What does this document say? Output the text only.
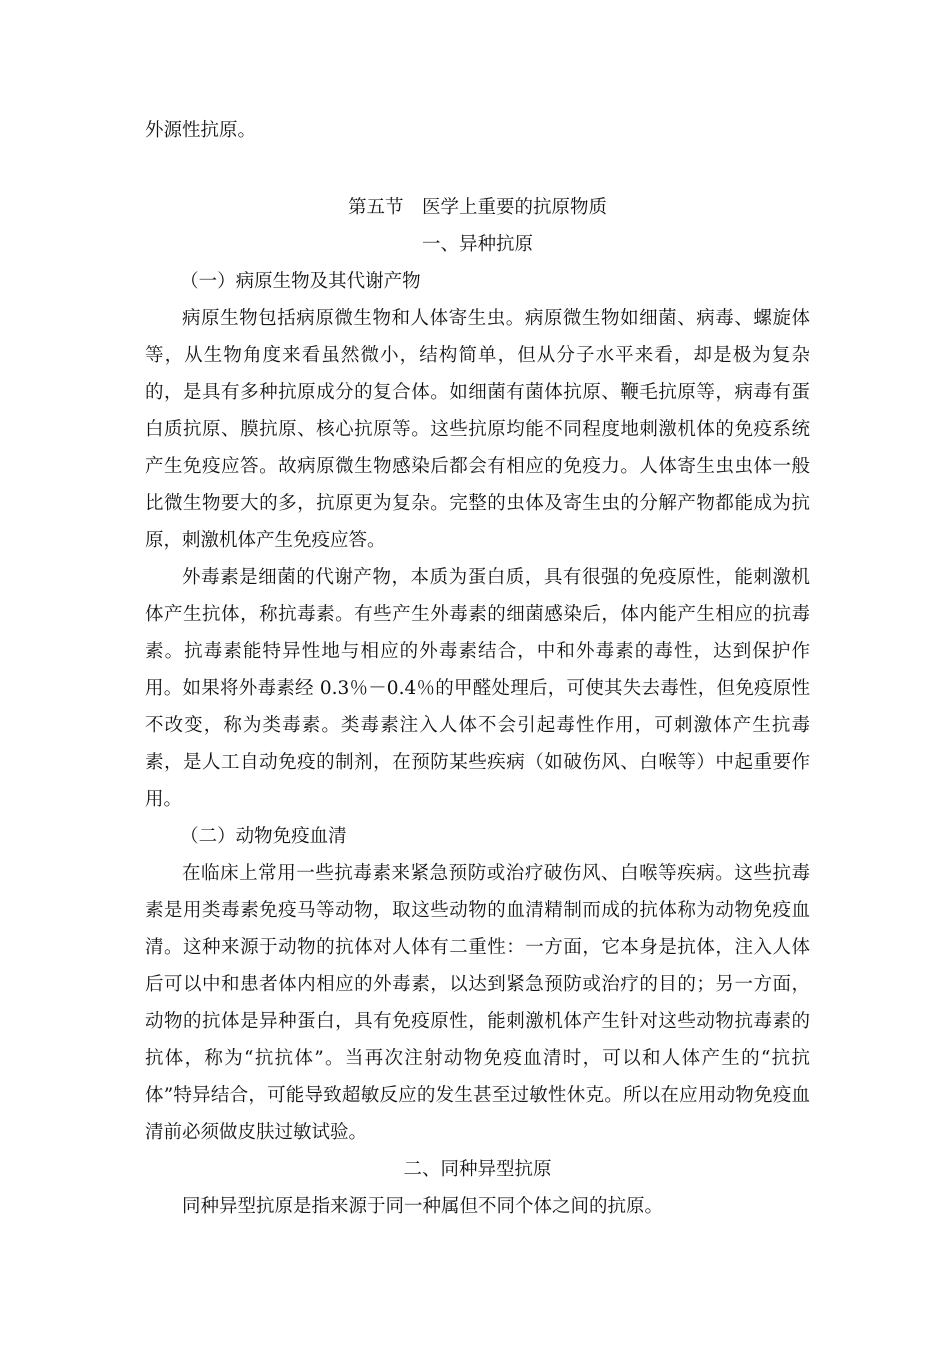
外源性抗原。

第五节　医学上重要的抗原物质

一、异种抗原

（一）病原生物及其代谢产物

病原生物包括病原微生物和人体寄生虫。病原微生物如细菌、病毒、螺旋体等，从生物角度来看虽然微小，结构简单，但从分子水平来看，却是极为复杂的，是具有多种抗原成分的复合体。如细菌有菌体抗原、鞭毛抗原等，病毒有蛋白质抗原、膜抗原、核心抗原等。这些抗原均能不同程度地刺激机体的免疫系统产生免疫应答。故病原微生物感染后都会有相应的免疫力。人体寄生虫虫体一般比微生物要大的多，抗原更为复杂。完整的虫体及寄生虫的分解产物都能成为抗原，刺激机体产生免疫应答。

外毒素是细菌的代谢产物，本质为蛋白质，具有很强的免疫原性，能刺激机体产生抗体，称抗毒素。有些产生外毒素的细菌感染后，体内能产生相应的抗毒素。抗毒素能特异性地与相应的外毒素结合，中和外毒素的毒性，达到保护作用。如果将外毒素经 0.3％－0.4％的甲醛处理后，可使其失去毒性，但免疫原性不改变，称为类毒素。类毒素注入人体不会引起毒性作用，可刺激体产生抗毒素，是人工自动免疫的制剂，在预防某些疾病（如破伤风、白喉等）中起重要作用。

（二）动物免疫血清

在临床上常用一些抗毒素来紧急预防或治疗破伤风、白喉等疾病。这些抗毒素是用类毒素免疫马等动物，取这些动物的血清精制而成的抗体称为动物免疫血清。这种来源于动物的抗体对人体有二重性：一方面，它本身是抗体，注入人体后可以中和患者体内相应的外毒素，以达到紧急预防或治疗的目的；另一方面，动物的抗体是异种蛋白，具有免疫原性，能刺激机体产生针对这些动物抗毒素的抗体，称为“抗抗体”。当再次注射动物免疫血清时，可以和人体产生的“抗抗体”特异结合，可能导致超敏反应的发生甚至过敏性休克。所以在应用动物免疫血清前必须做皮肤过敏试验。

二、同种异型抗原

同种异型抗原是指来源于同一种属但不同个体之间的抗原。
